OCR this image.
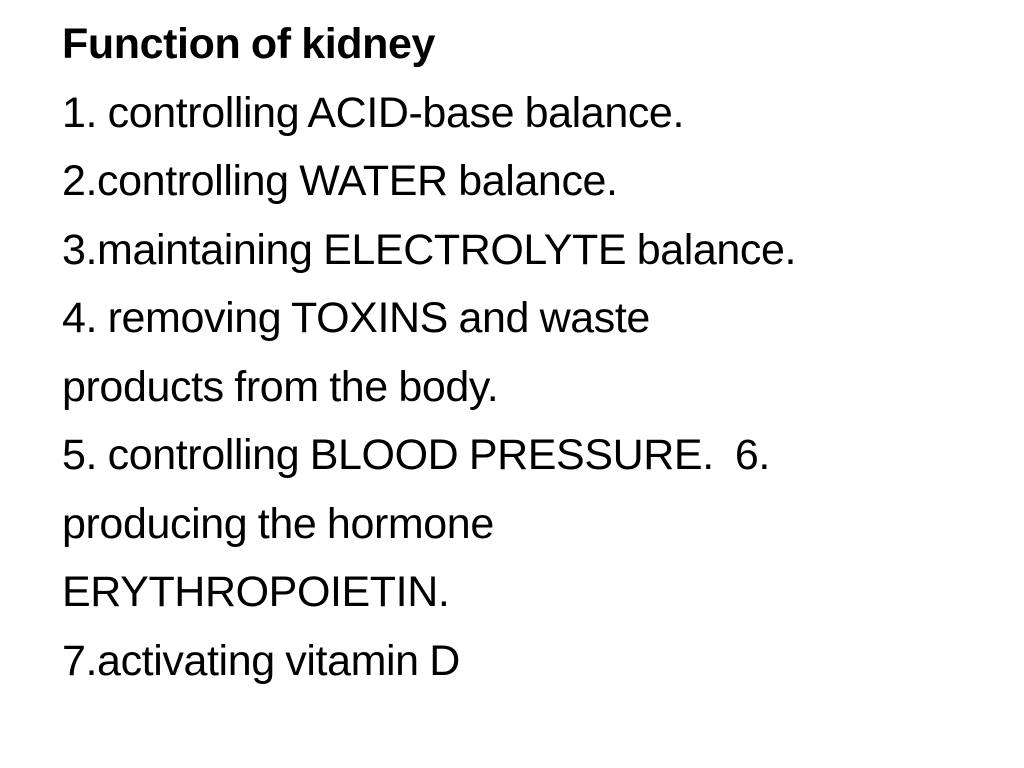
Function of kidney
1. controlling ACID-base balance.
2.controlling WATER balance.
3.maintaining ELECTROLYTE balance.
4. removing TOXINS and waste
products from the body.
5. controlling BLOOD PRESSURE.  6.
producing the hormone
ERYTHROPOIETIN.
7.activating vitamin D
